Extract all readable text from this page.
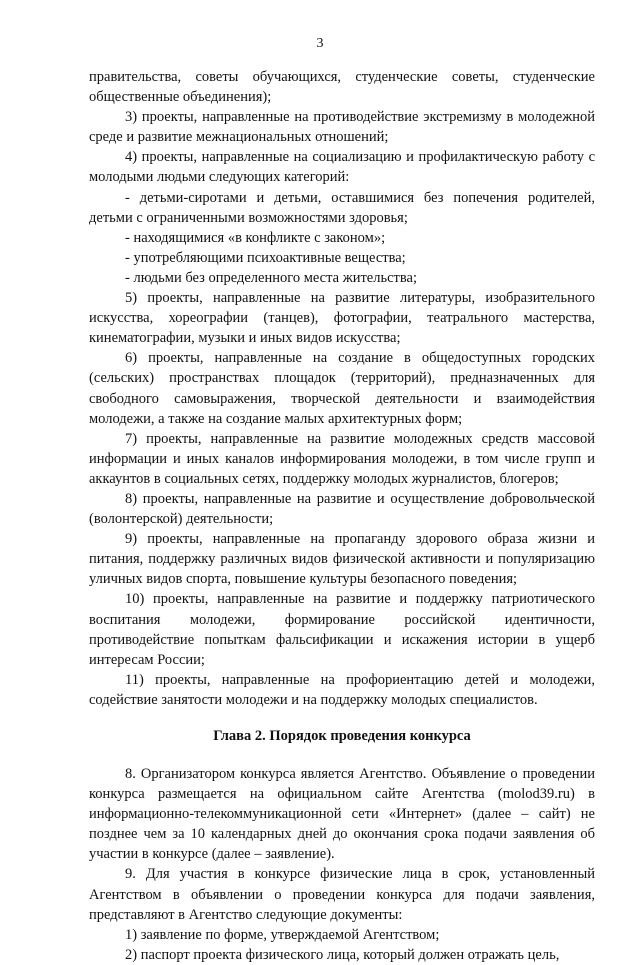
3

правительства, советы обучающихся, студенческие советы, студенческие общественные объединения);

3) проекты, направленные на противодействие экстремизму в молодежной среде и развитие межнациональных отношений;

4) проекты, направленные на социализацию и профилактическую работу с молодыми людьми следующих категорий:

- детьми-сиротами и детьми, оставшимися без попечения родителей, детьми с ограниченными возможностями здоровья;

- находящимися «в конфликте с законом»;

- употребляющими психоактивные вещества;

- людьми без определенного места жительства;

5) проекты, направленные на развитие литературы, изобразительного искусства, хореографии (танцев), фотографии, театрального мастерства, кинематографии, музыки и иных видов искусства;

6) проекты, направленные на создание в общедоступных городских (сельских) пространствах площадок (территорий), предназначенных для свободного самовыражения, творческой деятельности и взаимодействия молодежи, а также на создание малых архитектурных форм;

7) проекты, направленные на развитие молодежных средств массовой информации и иных каналов информирования молодежи, в том числе групп и аккаунтов в социальных сетях, поддержку молодых журналистов, блогеров;

8) проекты, направленные на развитие и осуществление добровольческой (волонтерской) деятельности;

9) проекты, направленные на пропаганду здорового образа жизни и питания, поддержку различных видов физической активности и популяризацию уличных видов спорта, повышение культуры безопасного поведения;

10) проекты, направленные на развитие и поддержку патриотического воспитания молодежи, формирование российской идентичности, противодействие попыткам фальсификации и искажения истории в ущерб интересам России;

11) проекты, направленные на профориентацию детей и молодежи, содействие занятости молодежи и на поддержку молодых специалистов.

Глава 2. Порядок проведения конкурса

8. Организатором конкурса является Агентство. Объявление о проведении конкурса размещается на официальном сайте Агентства (molod39.ru) в информационно-телекоммуникационной сети «Интернет» (далее – сайт) не позднее чем за 10 календарных дней до окончания срока подачи заявления об участии в конкурсе (далее – заявление).

9. Для участия в конкурсе физические лица в срок, установленный Агентством в объявлении о проведении конкурса для подачи заявления, представляют в Агентство следующие документы:

1) заявление по форме, утверждаемой Агентством;

2) паспорт проекта физического лица, который должен отражать цель,
